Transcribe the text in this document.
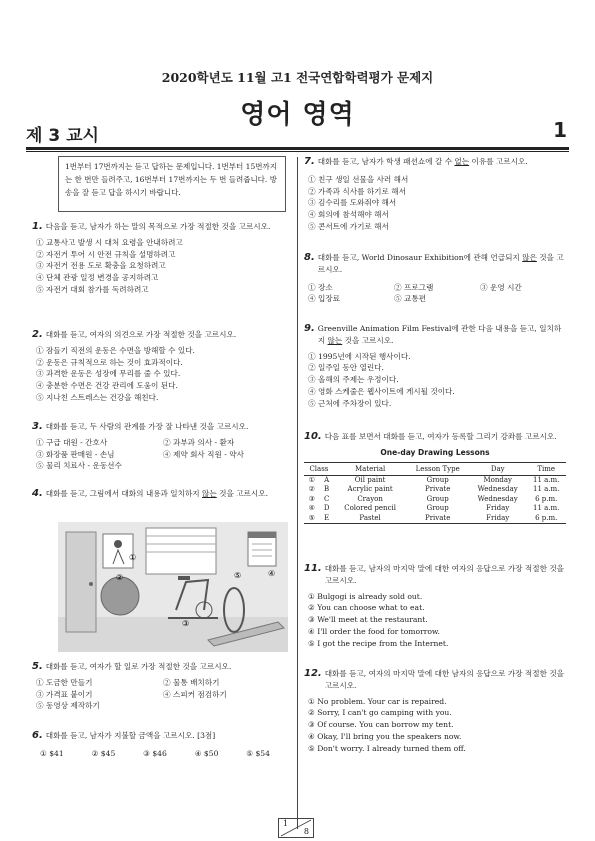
2020학년도 11월 고1 전국연합학력평가 문제지
영어 영역
제 3 교시	1
1번부터 17번까지는 듣고 답하는 문제입니다. 1번부터 15번까지는 한 번만 들려주고, 16번부터 17번까지는 두 번 들려줍니다. 방송을 잘 듣고 답을 하시기 바랍니다.
1. 다음을 듣고, 남자가 하는 말의 목적으로 가장 적절한 것을 고르시오.
① 교통사고 발생 시 대처 요령을 안내하려고
② 자전거 투어 시 안전 규칙을 설명하려고
③ 자전거 전용 도로 확충을 요청하려고
④ 단체 관광 일정 변경을 공지하려고
⑤ 자전거 대회 참가를 독려하려고
2. 대화를 듣고, 여자의 의견으로 가장 적절한 것을 고르시오.
① 잠들기 직전의 운동은 수면을 방해할 수 있다.
② 운동은 규칙적으로 하는 것이 효과적이다.
③ 과격한 운동은 성장에 무리를 줄 수 있다.
④ 충분한 수면은 건강 관리에 도움이 된다.
⑤ 지나친 스트레스는 건강을 해친다.
3. 대화를 듣고, 두 사람의 관계를 가장 잘 나타낸 것을 고르시오.
① 구급 대원 - 간호사	② 과부과 의사 - 환자
③ 화장품 판매원 - 손님	④ 제약 회사 직원 - 약사
⑤ 물리 치료사 - 운동선수
4. 대화를 듣고, 그림에서 대화의 내용과 일치하지 않는 것을 고르시오.
①
④
②
③
⑤
5. 대화를 듣고, 여자가 할 일로 가장 적절한 것을 고르시오.
① 도금한 만들기	② 물통 배치하기
③ 가격표 붙이기	④ 스피커 점검하기
⑤ 동영상 제작하기
6. 대화를 듣고, 남자가 지불할 금액을 고르시오. [3점]
① $41	② $45	③ $46	④ $50	⑤ $54
7. 대화를 듣고, 남자가 학생 패션쇼에 갈 수 없는 이유를 고르시오.
① 친구 생일 선물을 사러 해서
② 가족과 식사를 하기로 해서
③ 김수리를 도와줘야 해서
④ 회의에 참석해야 해서
⑤ 콘서트에 가기로 해서
8. 대화를 듣고, World Dinosaur Exhibition에 관해 언급되지 않은 것을 고르시오.
① 장소	② 프로그램	③ 운영 시간
④ 입장료	⑤ 교통편
9. Greenville Animation Film Festival에 관한 다음 내용을 듣고, 일치하지 않는 것을 고르시오.
① 1995년에 시작된 행사이다.
② 일주일 동안 열린다.
③ 올해의 주제는 우정이다.
④ 영화 스케줄은 웹사이트에 게시될 것이다.
⑤ 근처에 주차장이 있다.
10. 다음 표를 보면서 대화를 듣고, 여자가 등록할 그리기 강좌를 고르시오.
One-day Drawing Lessons
Class		Material	Lesson Type	Day	Time
①	A	Oil paint	Group	Monday	11 a.m.
②	B	Acrylic paint	Private	Wednesday	11 a.m.
③	C	Crayon	Group	Wednesday	6 p.m.
④	D	Colored pencil	Group	Friday	11 a.m.
⑤	E	Pastel	Private	Friday	6 p.m.
11. 대화를 듣고, 남자의 마지막 말에 대한 여자의 응답으로 가장 적절한 것을 고르시오.
① Bulgogi is already sold out.
② You can choose what to eat.
③ We'll meet at the restaurant.
④ I'll order the food for tomorrow.
⑤ I got the recipe from the Internet.
12. 대화를 듣고, 여자의 마지막 말에 대한 남자의 응답으로 가장 적절한 것을 고르시오.
① No problem. Your car is repaired.
② Sorry, I can't go camping with you.
③ Of course. You can borrow my tent.
④ Okay, I'll bring you the speakers now.
⑤ Don't worry. I already turned them off.
1
8
